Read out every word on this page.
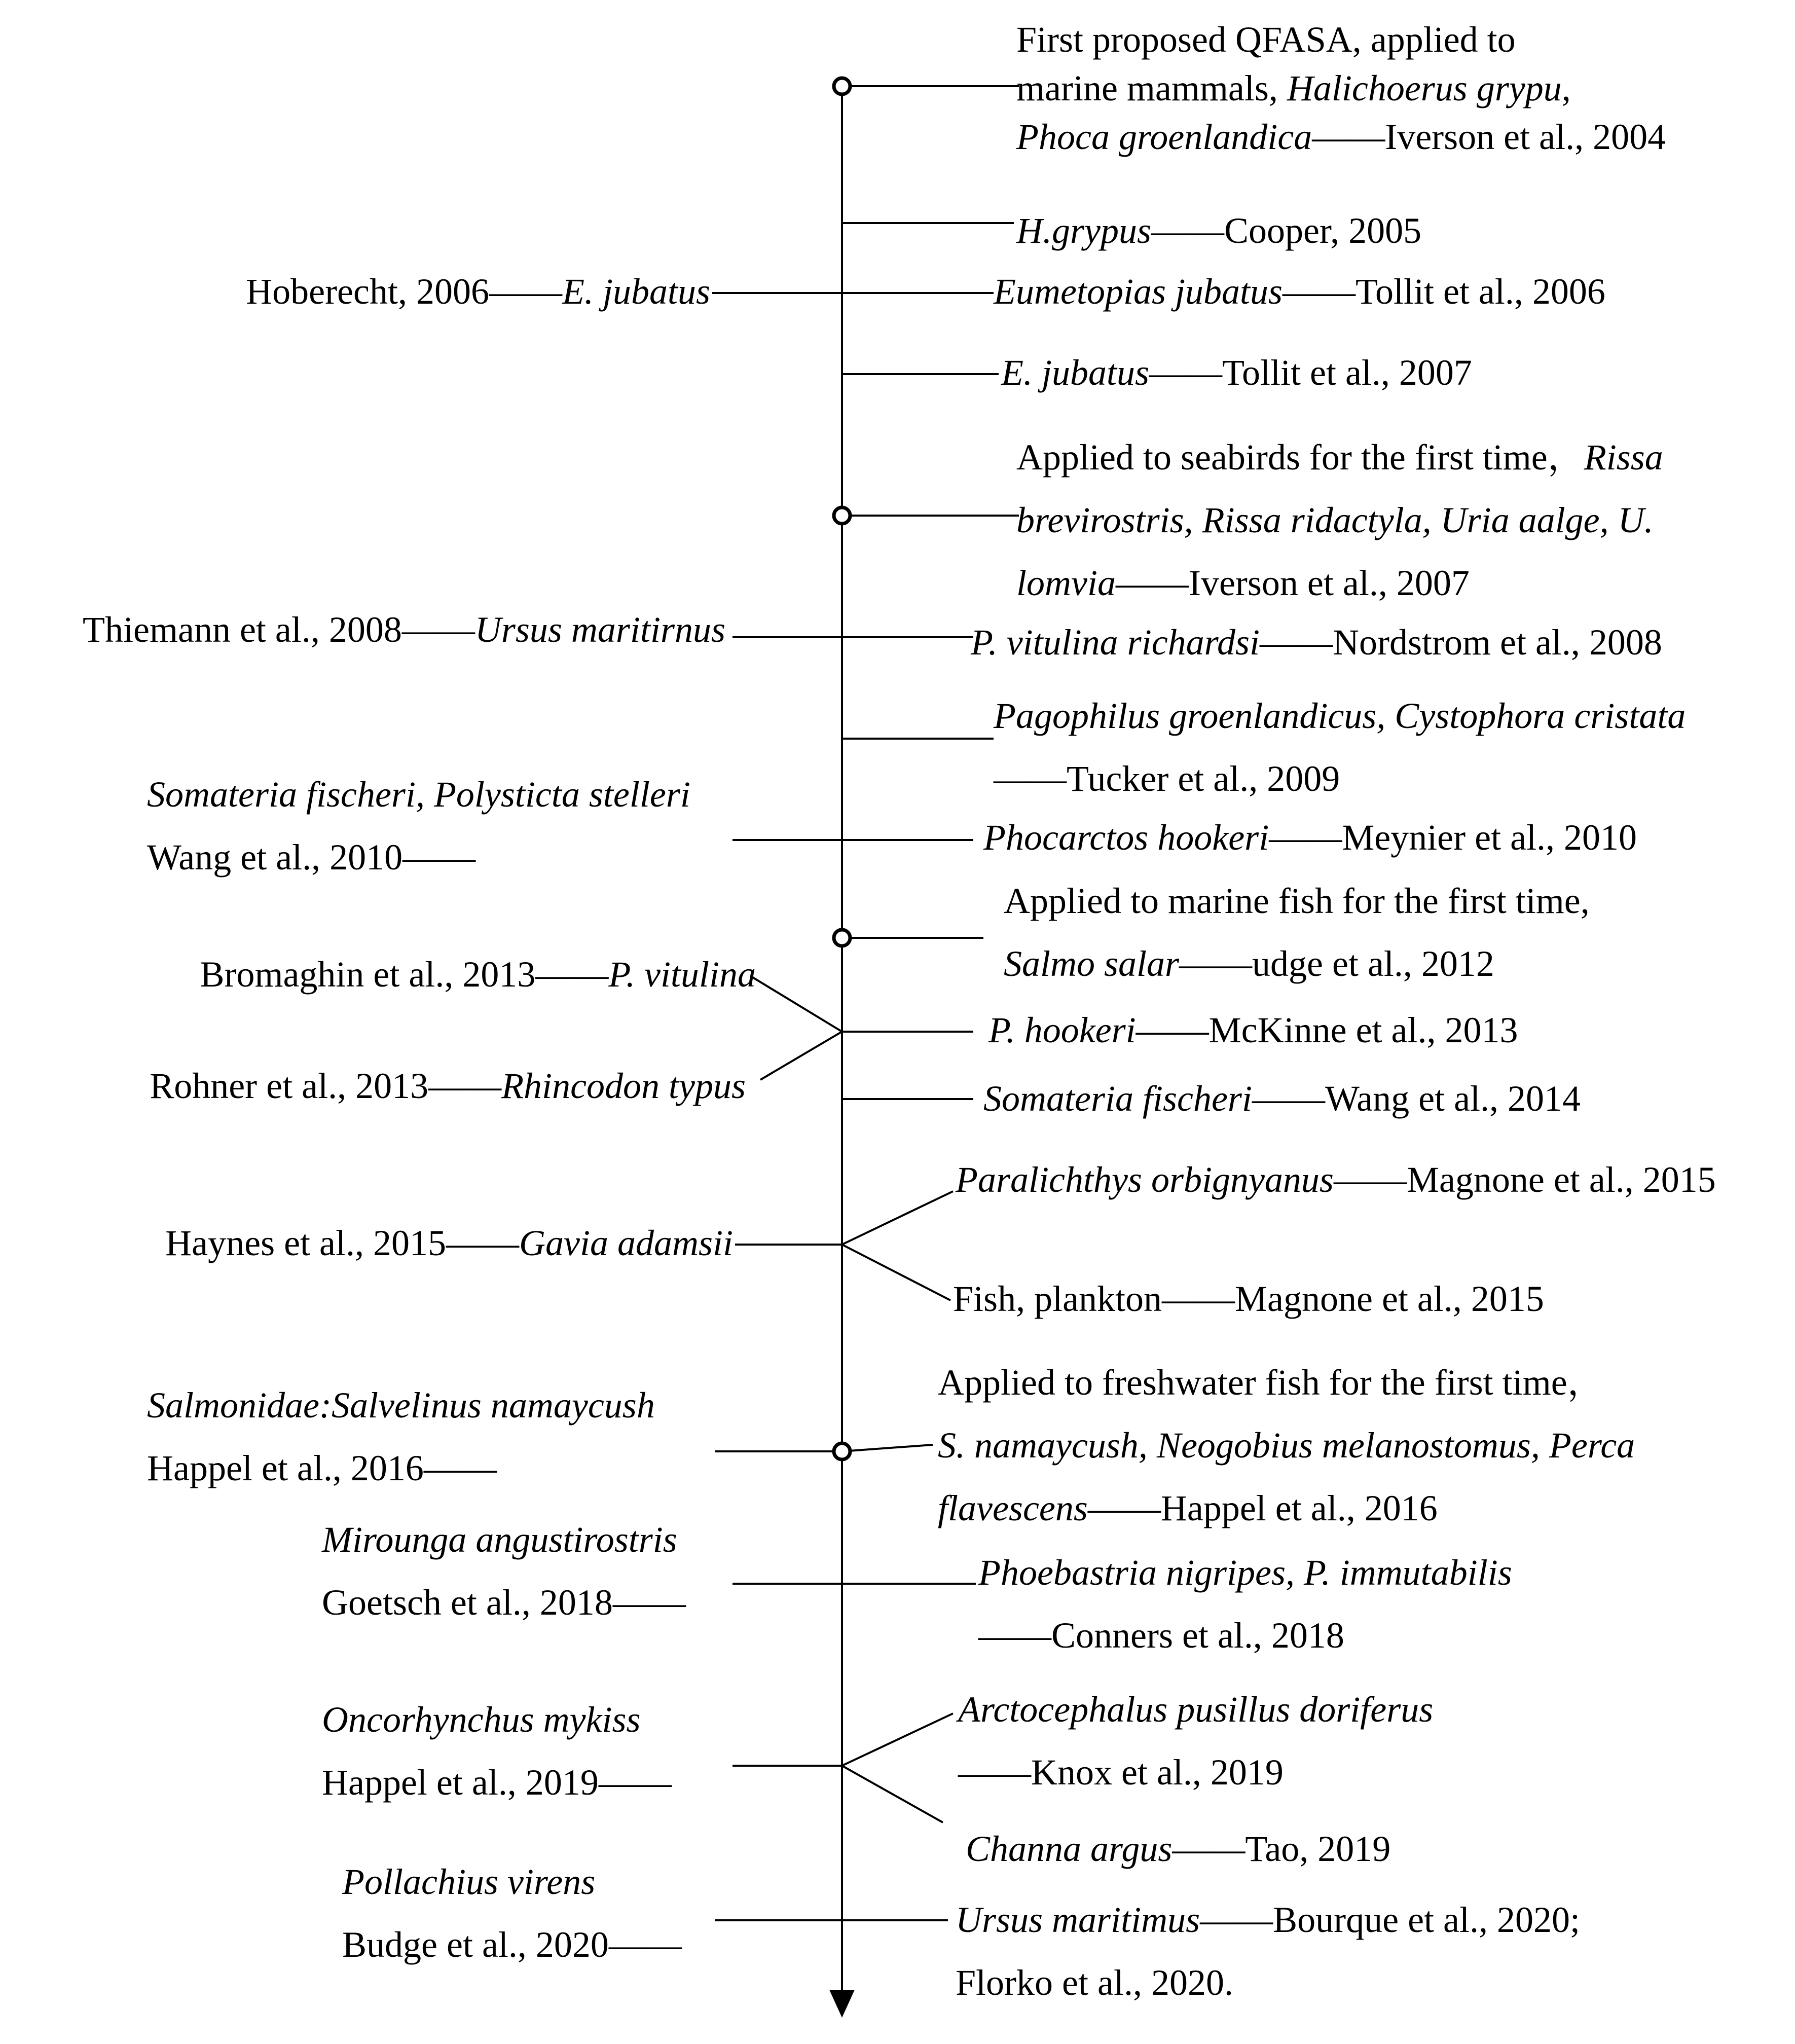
First proposed QFASA, applied to
marine mammals, Halichoerus grypu,
Phoca groenlandica——Iverson et al., 2004
H.grypus——Cooper, 2005
Eumetopias jubatus——Tollit et al., 2006
E. jubatus——Tollit et al., 2007
Applied to seabirds for the first time，Rissa
brevirostris, Rissa ridactyla, Uria aalge, U.
lomvia——Iverson et al., 2007
P. vitulina richardsi——Nordstrom et al., 2008
Pagophilus groenlandicus, Cystophora cristata
——Tucker et al., 2009
Phocarctos hookeri——Meynier et al., 2010
Applied to marine fish for the first time,
Salmo salar——udge et al., 2012
P. hookeri——McKinne et al., 2013
Somateria fischeri——Wang et al., 2014
Paralichthys orbignyanus——Magnone et al., 2015
Fish, plankton——Magnone et al., 2015
Applied to freshwater fish for the first time，
S. namaycush, Neogobius melanostomus, Perca
flavescens——Happel et al., 2016
Phoebastria nigripes, P. immutabilis
——Conners et al., 2018
Arctocephalus pusillus doriferus
——Knox et al., 2019
Channa argus——Tao, 2019
Ursus maritimus——Bourque et al., 2020;
Florko et al., 2020.
Hoberecht, 2006——E. jubatus
Thiemann et al., 2008——Ursus maritirnus
Somateria fischeri, Polysticta stelleri
Wang et al., 2010——
Bromaghin et al., 2013——P. vitulina
Rohner et al., 2013——Rhincodon typus
Haynes et al., 2015——Gavia adamsii
Salmonidae:Salvelinus namaycush
Happel et al., 2016——
Mirounga angustirostris
Goetsch et al., 2018——
Oncorhynchus mykiss
Happel et al., 2019——
Pollachius virens
Budge et al., 2020——
